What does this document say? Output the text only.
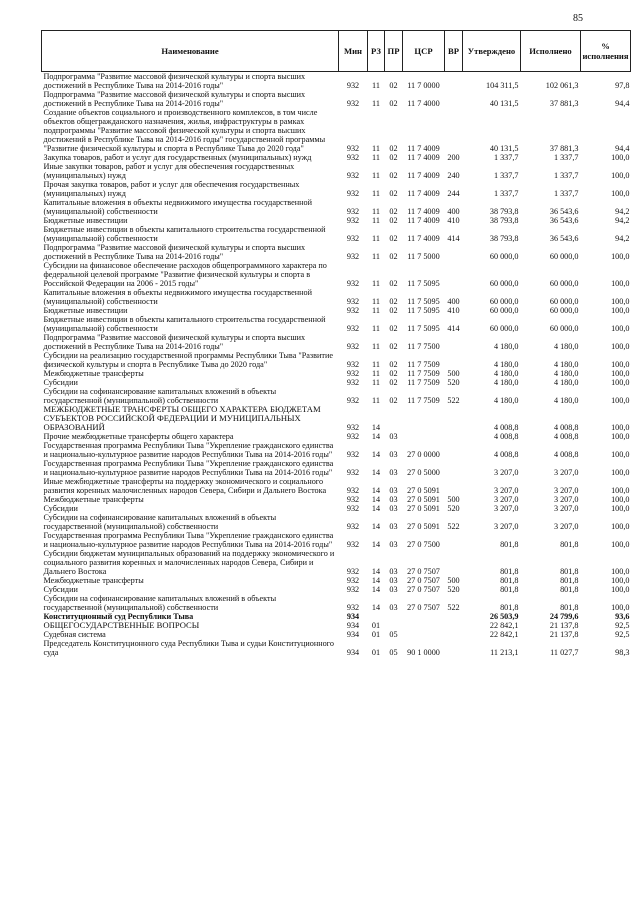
85
Наименование	Мин	РЗ	ПР	ЦСР	ВР	Утверждено	Исполнено	% исполнения
Подпрограмма "Развитие массовой физической культуры и спорта высших достижений в Республике Тыва на 2014-2016 годы"	932	11	02	11 7 0000		104 311,5	102 061,3	97,8
Подпрограмма "Развитие массовой физической культуры и спорта высших достижений в Республике Тыва на 2014-2016 годы"	932	11	02	11 7 4000		40 131,5	37 881,3	94,4
Создание объектов социального и производственного комплексов, в том числе объектов общегражданского назначения, жилья, инфраструктуры в рамках подпрограммы "Развитие массовой физической культуры и спорта высших достижений в Республике Тыва на 2014-2016 годы" государственной программы "Развитие физической культуры и спорта в Республике Тыва до 2020 года"	932	11	02	11 7 4009		40 131,5	37 881,3	94,4
Закупка товаров, работ и услуг для государственных (муниципальных) нужд	932	11	02	11 7 4009	200	1 337,7	1 337,7	100,0
Иные закупки товаров, работ и услуг для обеспечения государственных (муниципальных) нужд	932	11	02	11 7 4009	240	1 337,7	1 337,7	100,0
Прочая закупка товаров, работ и услуг для обеспечения государственных (муниципальных) нужд	932	11	02	11 7 4009	244	1 337,7	1 337,7	100,0
Капитальные вложения в объекты недвижимого имущества государственной (муниципальной) собственности	932	11	02	11 7 4009	400	38 793,8	36 543,6	94,2
Бюджетные инвестиции	932	11	02	11 7 4009	410	38 793,8	36 543,6	94,2
Бюджетные инвестиции в объекты капитального строительства государственной (муниципальной) собственности	932	11	02	11 7 4009	414	38 793,8	36 543,6	94,2
Подпрограмма "Развитие массовой физической культуры и спорта высших достижений в Республике Тыва на 2014-2016 годы"	932	11	02	11 7 5000		60 000,0	60 000,0	100,0
Субсидии на финансовое обеспечение расходов общепрограммного характера по федеральной целевой программе "Развитие физической культуры и спорта в Российской Федерации на 2006 - 2015 годы"	932	11	02	11 7 5095		60 000,0	60 000,0	100,0
Капитальные вложения в объекты недвижимого имущества государственной (муниципальной) собственности	932	11	02	11 7 5095	400	60 000,0	60 000,0	100,0
Бюджетные инвестиции	932	11	02	11 7 5095	410	60 000,0	60 000,0	100,0
Бюджетные инвестиции в объекты капитального строительства государственной (муниципальной) собственности	932	11	02	11 7 5095	414	60 000,0	60 000,0	100,0
Подпрограмма "Развитие массовой физической культуры и спорта высших достижений в Республике Тыва на 2014-2016 годы"	932	11	02	11 7 7500		4 180,0	4 180,0	100,0
Субсидии на реализацию государственной программы Республики Тыва "Развитие физической культуры и спорта в Республике Тыва до 2020 года"	932	11	02	11 7 7509		4 180,0	4 180,0	100,0
Межбюджетные трансферты	932	11	02	11 7 7509	500	4 180,0	4 180,0	100,0
Субсидии	932	11	02	11 7 7509	520	4 180,0	4 180,0	100,0
Субсидии на софинансирование капитальных вложений в объекты государственной (муниципальной) собственности	932	11	02	11 7 7509	522	4 180,0	4 180,0	100,0
МЕЖБЮДЖЕТНЫЕ ТРАНСФЕРТЫ ОБЩЕГО ХАРАКТЕРА БЮДЖЕТАМ СУБЪЕКТОВ РОССИЙСКОЙ ФЕДЕРАЦИИ И МУНИЦИПАЛЬНЫХ ОБРАЗОВАНИЙ	932	14				4 008,8	4 008,8	100,0
Прочие межбюджетные трансферты общего характера	932	14	03			4 008,8	4 008,8	100,0
Государственная программа Республики Тыва "Укрепление гражданского единства и национально-культурное развитие народов Республики Тыва на 2014-2016 годы"	932	14	03	27 0 0000		4 008,8	4 008,8	100,0
Государственная программа Республики Тыва "Укрепление гражданского единства и национально-культурное развитие народов Республики Тыва на 2014-2016 годы"	932	14	03	27 0 5000		3 207,0	3 207,0	100,0
Иные межбюджетные трансферты на поддержку экономического и социального развития коренных малочисленных народов Севера, Сибири и Дальнего Востока	932	14	03	27 0 5091		3 207,0	3 207,0	100,0
Межбюджетные трансферты	932	14	03	27 0 5091	500	3 207,0	3 207,0	100,0
Субсидии	932	14	03	27 0 5091	520	3 207,0	3 207,0	100,0
Субсидии на софинансирование капитальных вложений в объекты государственной (муниципальной) собственности	932	14	03	27 0 5091	522	3 207,0	3 207,0	100,0
Государственная программа Республики Тыва "Укрепление гражданского единства и национально-культурное развитие народов Республики Тыва на 2014-2016 годы"	932	14	03	27 0 7500		801,8	801,8	100,0
Субсидии бюджетам муниципальных образований на поддержку экономического и социального развития коренных и малочисленных народов Севера, Сибири и Дальнего Востока	932	14	03	27 0 7507		801,8	801,8	100,0
Межбюджетные трансферты	932	14	03	27 0 7507	500	801,8	801,8	100,0
Субсидии	932	14	03	27 0 7507	520	801,8	801,8	100,0
Субсидии на софинансирование капитальных вложений в объекты государственной (муниципальной) собственности	932	14	03	27 0 7507	522	801,8	801,8	100,0
Конституционный суд Республики Тыва	934					26 503,9	24 799,6	93,6
ОБЩЕГОСУДАРСТВЕННЫЕ ВОПРОСЫ	934	01				22 842,1	21 137,8	92,5
Судебная система	934	01	05			22 842,1	21 137,8	92,5
Председатель Конституционного суда Республики Тыва и судьи Конституционного суда	934	01	05	90 1 0000		11 213,1	11 027,7	98,3
